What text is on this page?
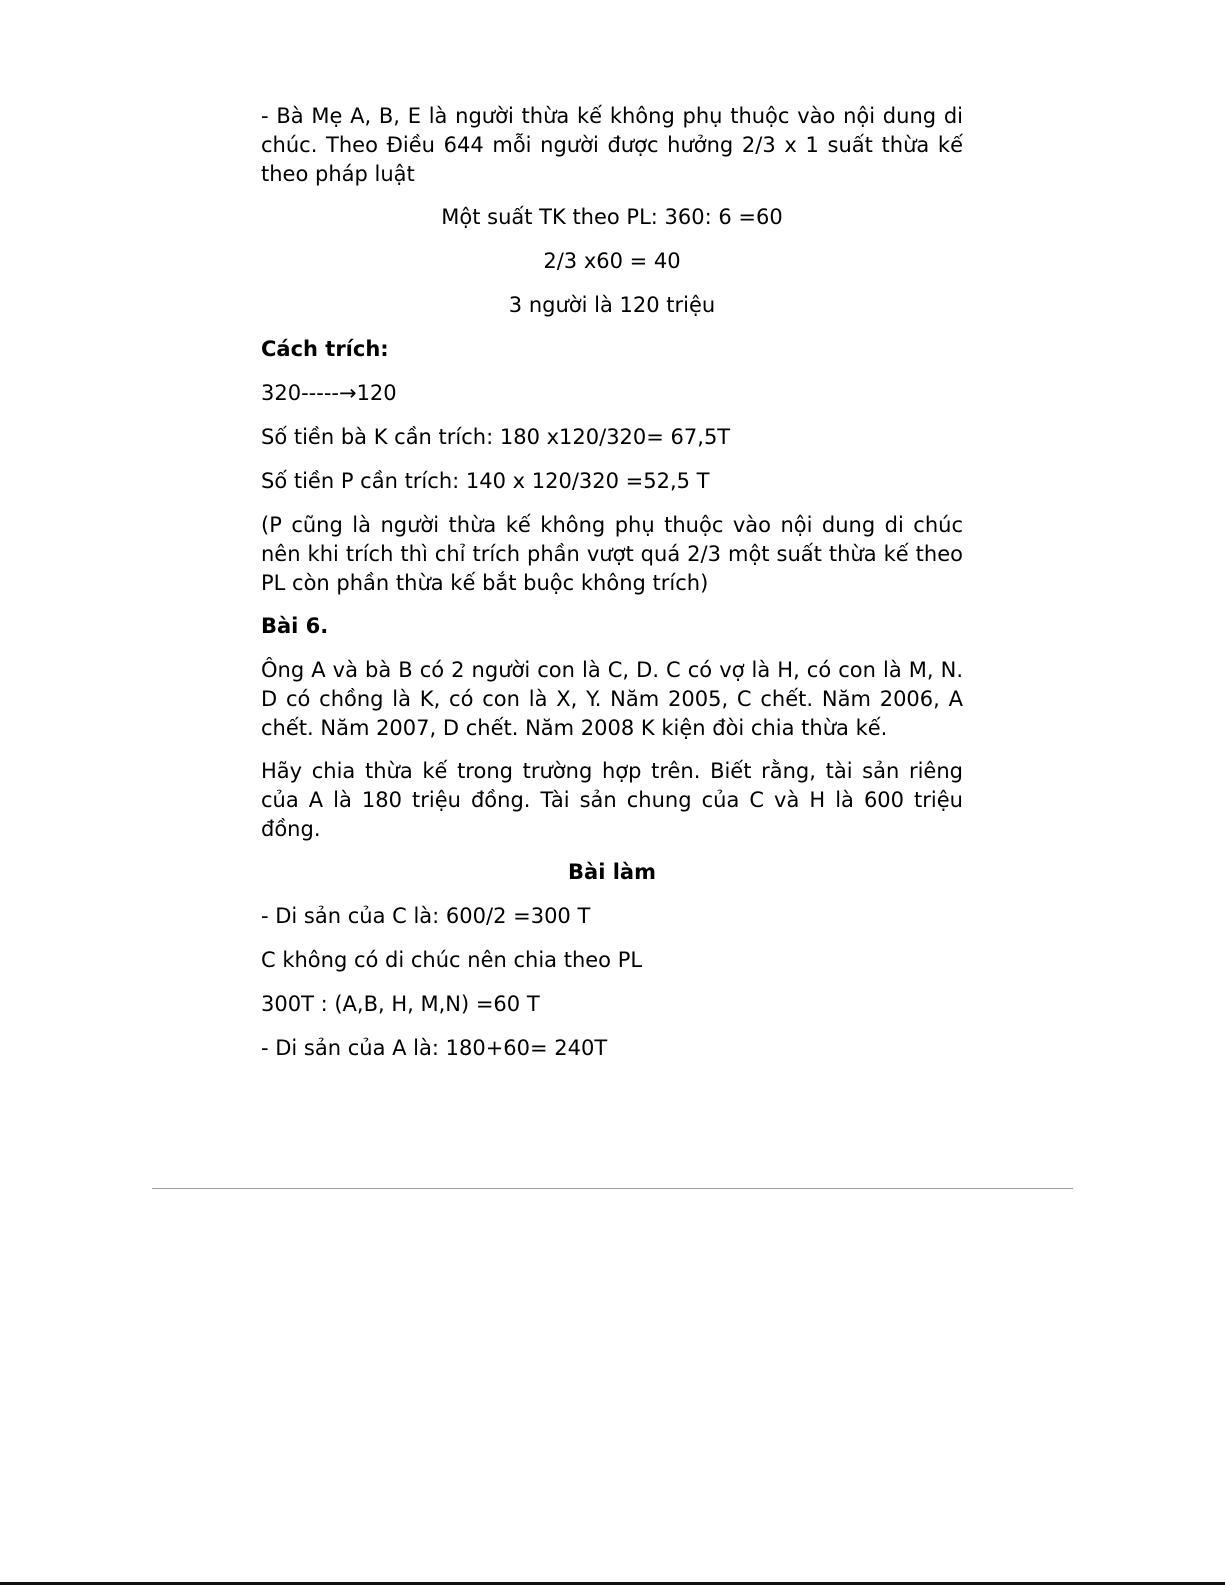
- Bà Mẹ A, B, E là người thừa kế không phụ thuộc vào nội dung di chúc. Theo Điều 644 mỗi người được hưởng 2/3 x 1 suất thừa kế theo pháp luật

Một suất TK theo PL: 360: 6 =60

2/3 x60 = 40

3 người là 120 triệu

Cách trích:

320-----→120

Số tiền bà K cần trích: 180 x120/320= 67,5T

Số tiền P cần trích: 140 x 120/320 =52,5 T

(P cũng là người thừa kế không phụ thuộc vào nội dung di chúc nên khi trích thì chỉ trích phần vượt quá 2/3 một suất thừa kế theo PL còn phần thừa kế bắt buộc không trích)

Bài 6.

Ông A và bà B có 2 người con là C, D. C có vợ là H, có con là M, N. D có chồng là K, có con là X, Y. Năm 2005, C chết. Năm 2006, A chết. Năm 2007, D chết. Năm 2008 K kiện đòi chia thừa kế.

Hãy chia thừa kế trong trường hợp trên. Biết rằng, tài sản riêng của A là 180 triệu đồng. Tài sản chung của C và H là 600 triệu đồng.

Bài làm

- Di sản của C là: 600/2 =300 T

C không có di chúc nên chia theo PL

300T : (A,B, H, M,N) =60 T

- Di sản của A là: 180+60= 240T
